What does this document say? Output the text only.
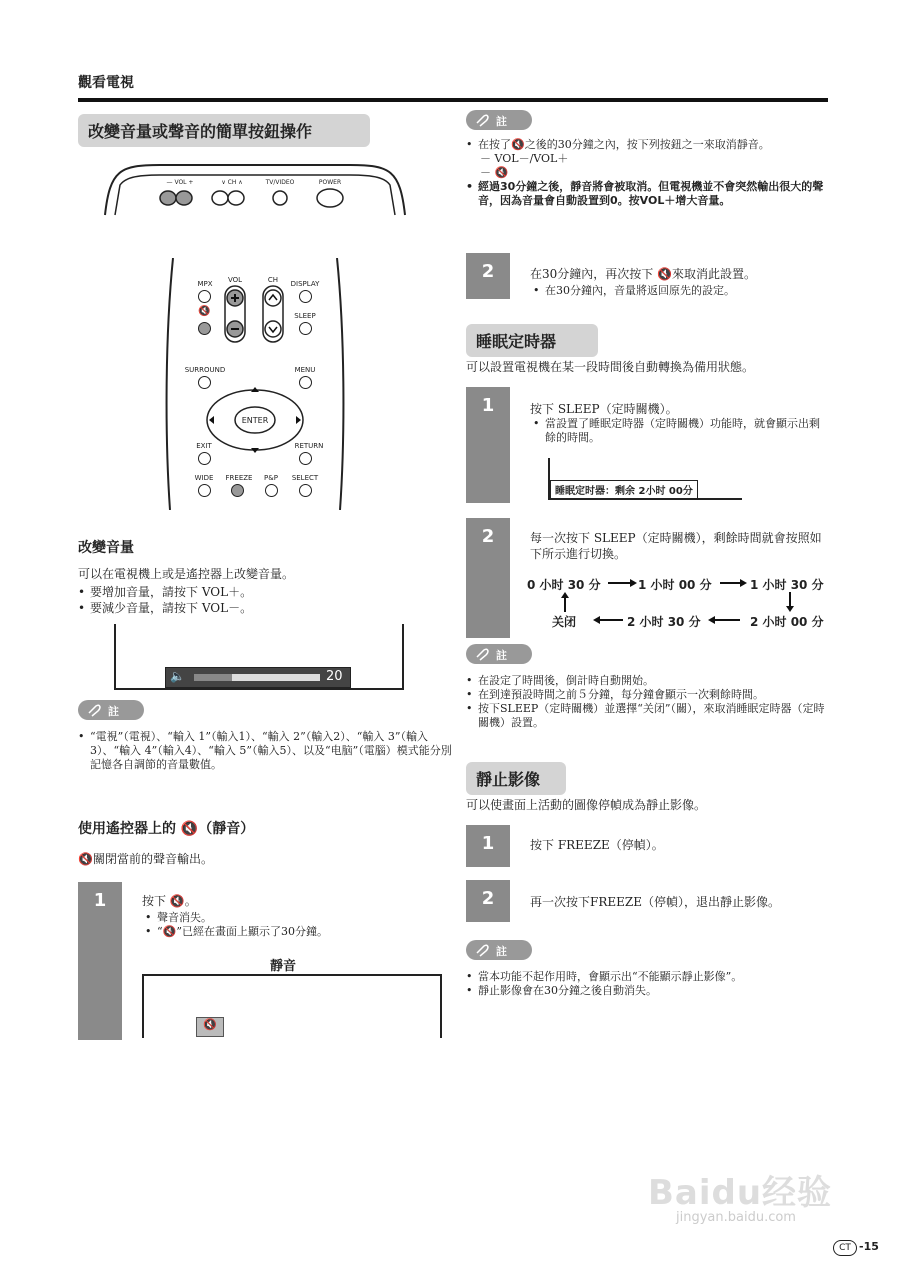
觀看電視
改變音量或聲音的簡單按鈕操作
— VOL +	∨ CH ∧	TV/VIDEO	POWER
MPX	VOL	CH	DISPLAY
🔇	SLEEP
SURROUND	MENU
ENTER
EXIT	RETURN
WIDE	FREEZE	P&P	SELECT
改變音量
可以在電視機上或是遙控器上改變音量。
• 要增加音量，請按下 VOL＋。
• 要減少音量，請按下 VOL－。
🔈	20
註
• “電視”（電視）、“輸入 1”（輸入1）、“輸入 2”（輸入2）、“輸入 3”（輸入3）、“輸入 4”（輸入4）、“輸入 5”（輸入5）、以及“电脑”（電腦）模式能分別記憶各自調節的音量數值。
使用遙控器上的 🔇（靜音）
🔇關閉當前的聲音輸出。
1	按下 🔇。
• 聲音消失。
• “🔇”已經在畫面上顯示了30分鐘。
靜音
🔇
註
• 在按了🔇之後的30分鐘之內，按下列按鈕之一來取消靜音。
－ VOL－/VOL＋
－ 🔇
• 經過30分鐘之後，靜音將會被取消。但電視機並不會突然輸出很大的聲音，因為音量會自動設置到0。按VOL＋增大音量。
2	在30分鐘內，再次按下 🔇來取消此設置。
• 在30分鐘內，音量將返回原先的設定。
睡眠定時器
可以設置電視機在某一段時間後自動轉換為備用狀態。
1	按下 SLEEP（定時關機）。
• 當設置了睡眠定時器（定時關機）功能時，就會顯示出剩餘的時間。
睡眠定时器：剩余 2小时 00分
2	每一次按下 SLEEP（定時關機），剩餘時間就會按照如下所示進行切換。
0 小时 30 分	1 小时 00 分	1 小时 30 分
2 小时 00 分
2 小时 30 分
关闭
註
• 在設定了時間後，倒計時自動開始。
• 在到達預設時間之前５分鐘，每分鐘會顯示一次剩餘時間。
• 按下SLEEP（定時關機）並選擇“关闭”（關），來取消睡眠定時器（定時關機）設置。
靜止影像
可以使畫面上活動的圖像停幀成為靜止影像。
1	按下 FREEZE（停幀）。
2	再一次按下FREEZE（停幀），退出靜止影像。
註
• 當本功能不起作用時，會顯示出“不能顯示靜止影像”。
• 靜止影像會在30分鐘之後自動消失。
Baidu经验
jingyan.baidu.com
CT -15
